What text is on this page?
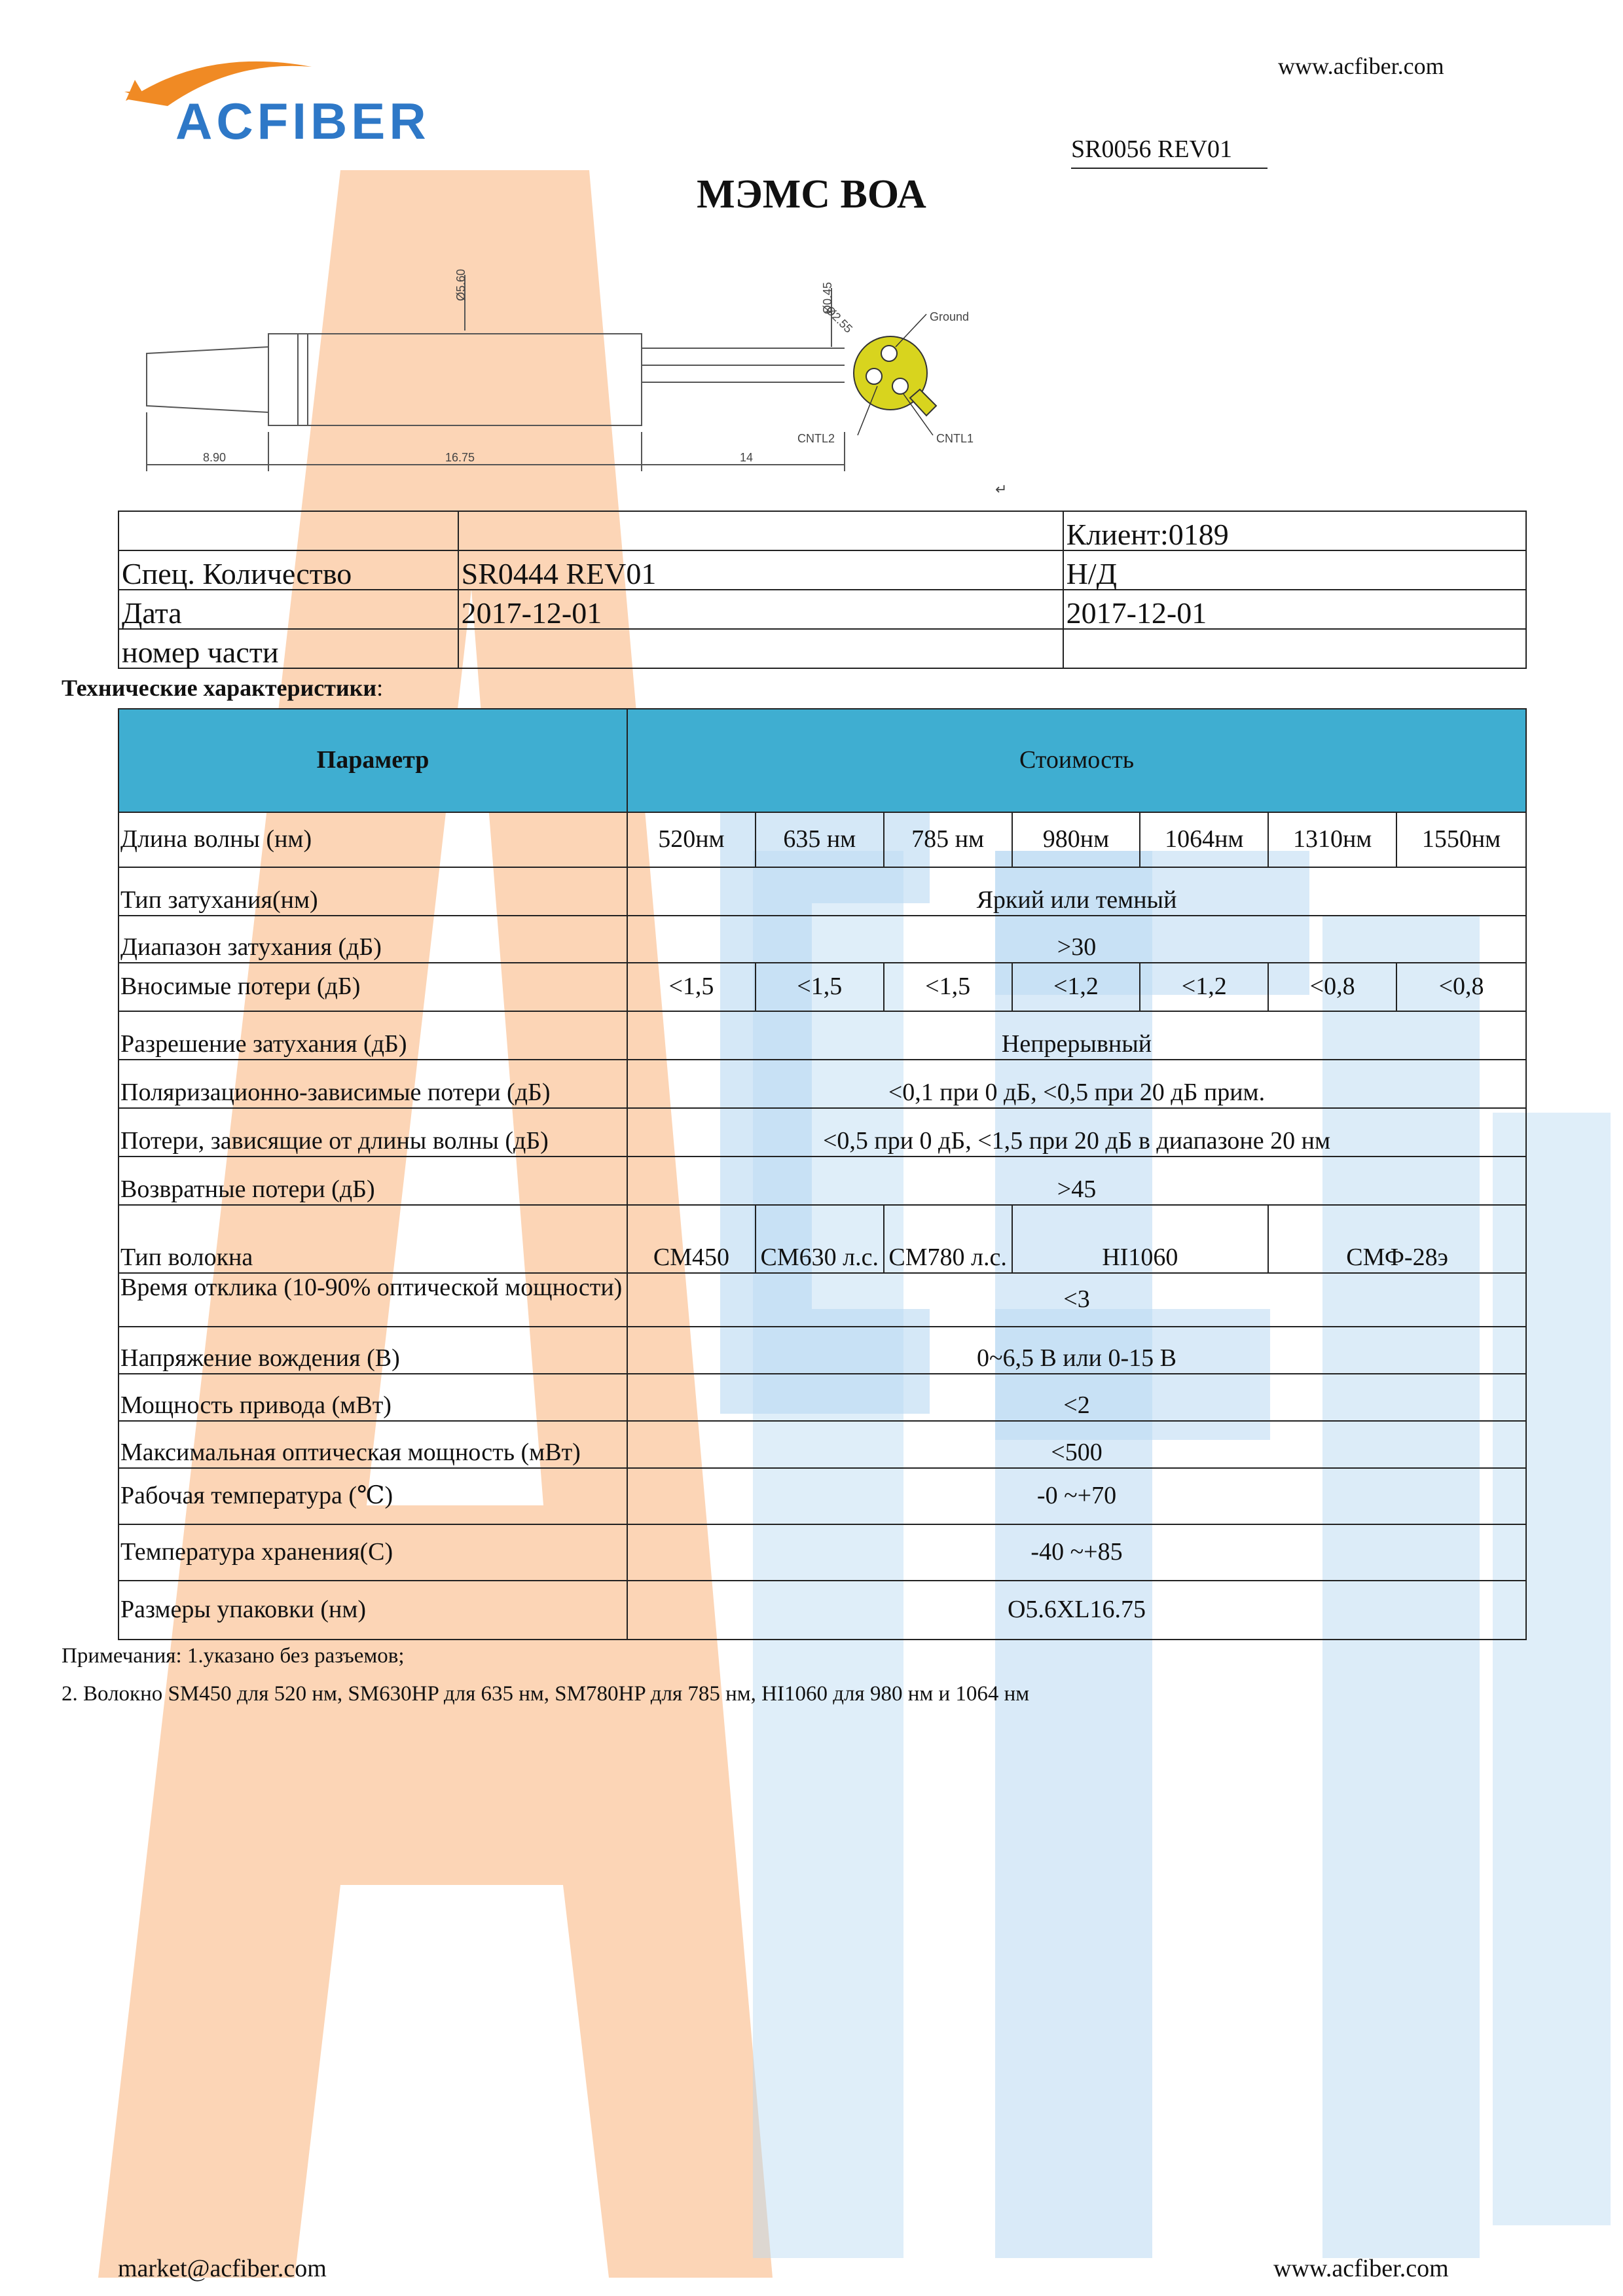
ACFIBER
www.acfiber.com
SR0056 REV01
МЭМС ВОА
8.90	16.75	14
Ø5.60	Ø0.45
Ground
CNTL2	CNTL1
Ø2.55
↵
		Клиент:0189
Спец. Количество	SR0444 REV01	Н/Д
Дата	2017-12-01	2017-12-01
номер части		
Технические характеристики:
Параметр	Стоимость						
Длина волны (нм)	520нм	635 нм	785 нм	980нм	1064нм	1310нм	1550нм
Тип затухания(нм)	Яркий или темный						
Диапазон затухания (дБ)	>30						
Вносимые потери (дБ)	<1,5	<1,5	<1,5	<1,2	<1,2	<0,8	<0,8
Разрешение затухания (дБ)	Непрерывный						
Поляризационно-зависимые потери (дБ)	<0,1 при 0 дБ, <0,5 при 20 дБ прим.						
Потери, зависящие от длины волны (дБ)	<0,5 при 0 дБ, <1,5 при 20 дБ в диапазоне 20 нм						
Возвратные потери (дБ)	>45						
Тип волокна	СМ450	СМ630 л.с.	СМ780 л.с.	HI1060		СМФ-28э	

Время отклика (10-90% оптической мощности)	<3						
Напряжение вождения (В)	0~6,5 В или 0-15 В						
Мощность привода (мВт)	<2						
Максимальная оптическая мощность (мВт)	<500						
Рабочая температура (℃)	-0 ~+70						
Температура хранения(С)	-40 ~+85						
Размеры упаковки (нм)	O5.6XL16.75						
Примечания: 1.указано без разъемов;
2. Волокно SM450 для 520 нм, SM630HP для 635 нм, SM780HP для 785 нм, HI1060 для 980 нм и 1064 нм
market@acfiber.com	www.acfiber.com
